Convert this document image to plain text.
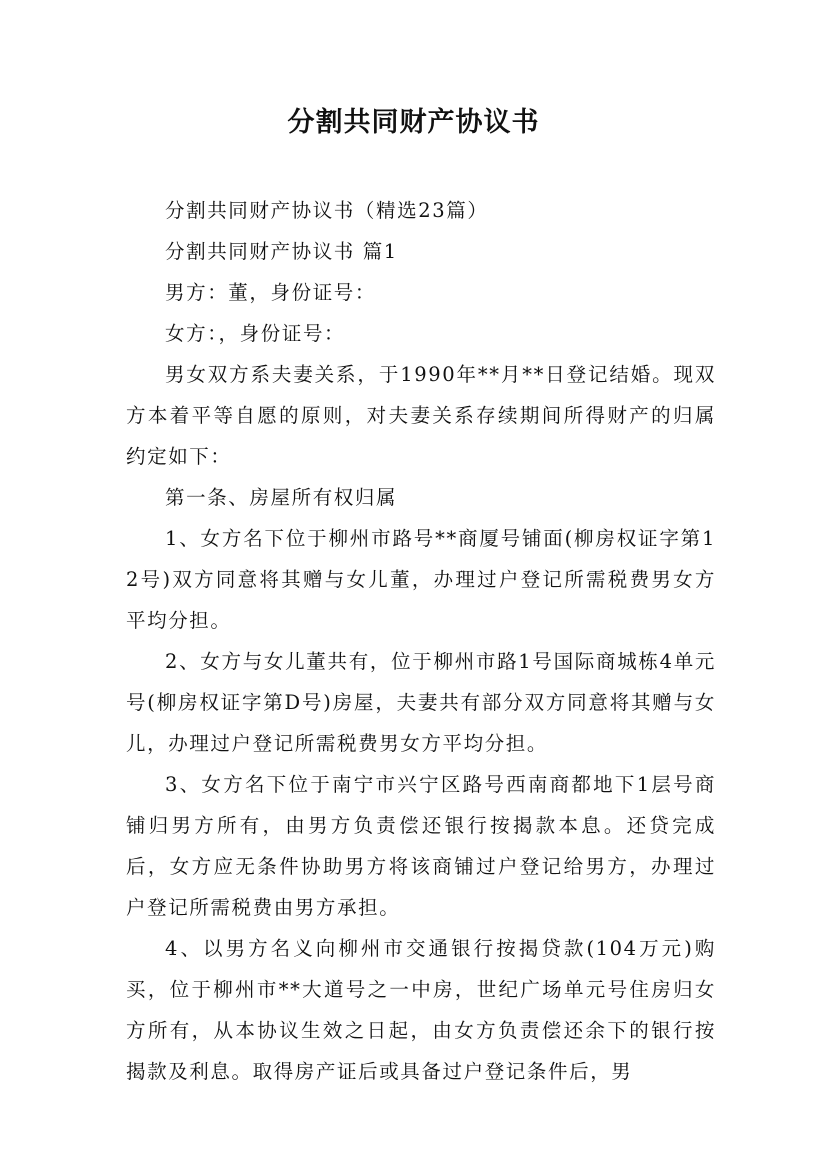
分割共同财产协议书

分割共同财产协议书（精选23篇）

分割共同财产协议书 篇1

男方：董，身份证号：

女方：，身份证号：

男女双方系夫妻关系，于1990年**月**日登记结婚。现双方本着平等自愿的原则，对夫妻关系存续期间所得财产的归属约定如下：

第一条、房屋所有权归属

1、女方名下位于柳州市路号**商厦号铺面(柳房权证字第12号)双方同意将其赠与女儿董，办理过户登记所需税费男女方平均分担。

2、女方与女儿董共有，位于柳州市路1号国际商城栋4单元号(柳房权证字第D号)房屋，夫妻共有部分双方同意将其赠与女儿，办理过户登记所需税费男女方平均分担。

3、女方名下位于南宁市兴宁区路号西南商都地下1层号商铺归男方所有，由男方负责偿还银行按揭款本息。还贷完成后，女方应无条件协助男方将该商铺过户登记给男方，办理过户登记所需税费由男方承担。

4、以男方名义向柳州市交通银行按揭贷款(104万元)购买，位于柳州市**大道号之一中房，世纪广场单元号住房归女方所有，从本协议生效之日起，由女方负责偿还余下的银行按揭款及利息。取得房产证后或具备过户登记条件后，男
